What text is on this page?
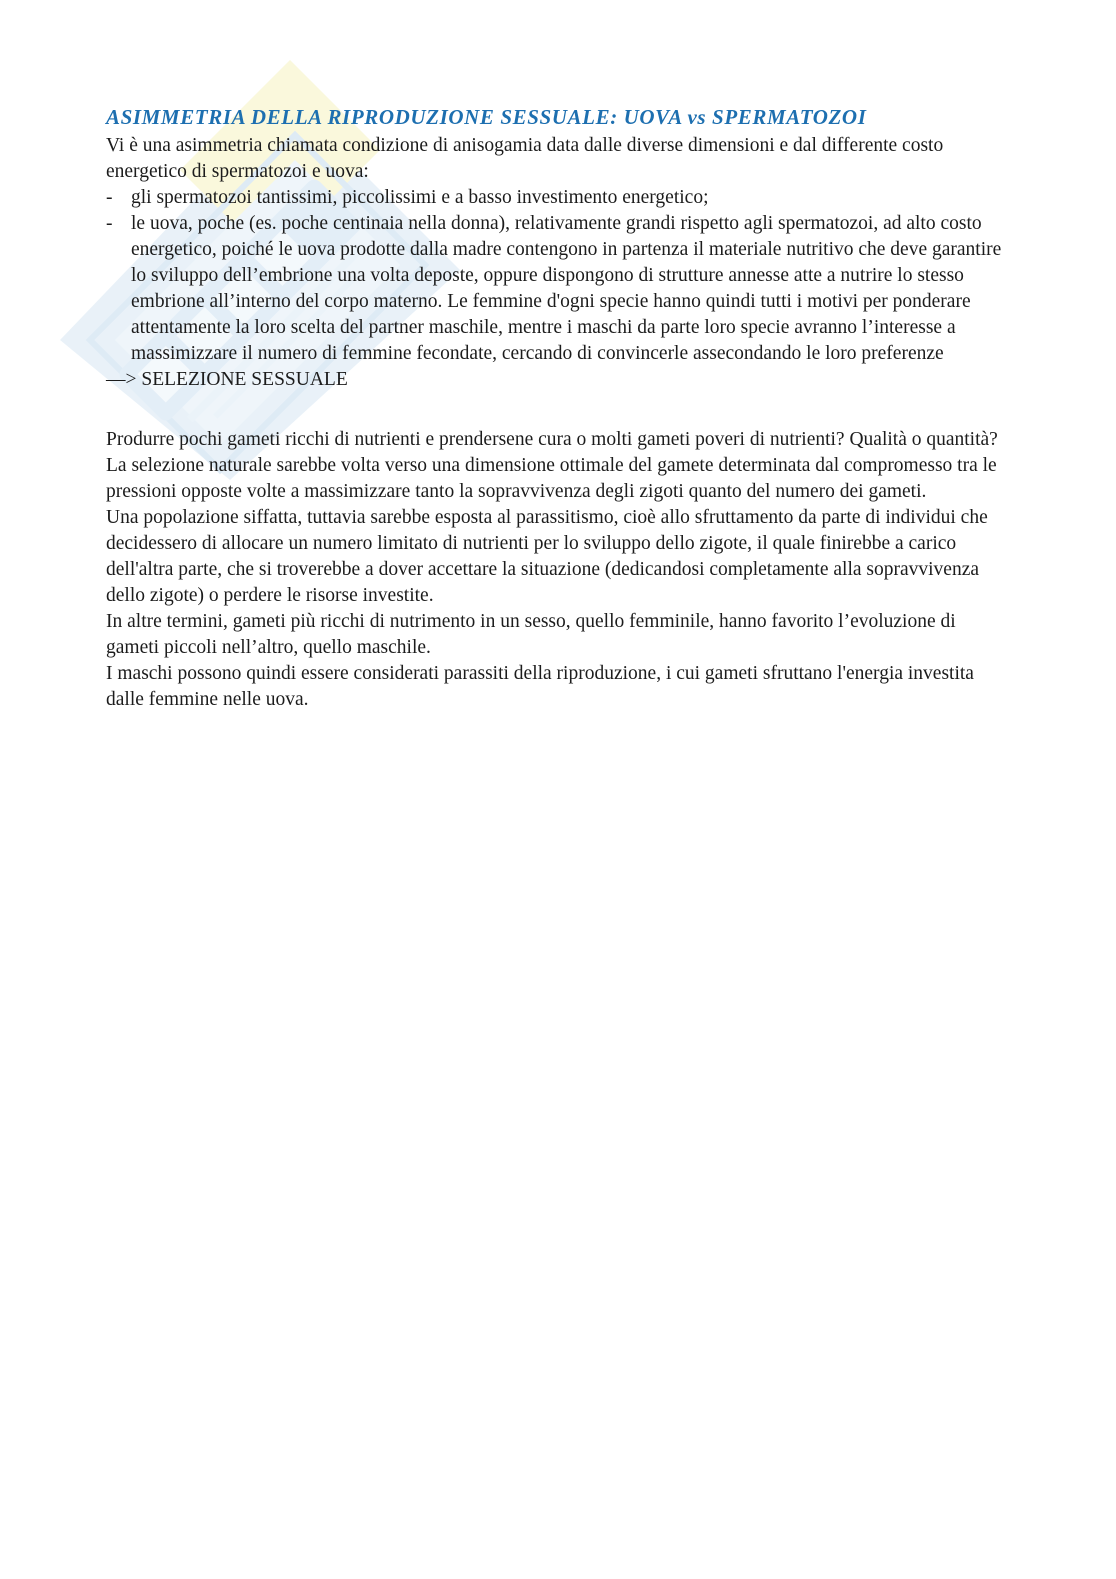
ASIMMETRIA DELLA RIPRODUZIONE SESSUALE: UOVA vs SPERMATOZOI

Vi è una asimmetria chiamata condizione di anisogamia data dalle diverse dimensioni e dal differente costo energetico di spermatozoi e uova:

- gli spermatozoi tantissimi, piccolissimi e a basso investimento energetico;
- le uova, poche (es. poche centinaia nella donna), relativamente grandi rispetto agli spermatozoi, ad alto costo energetico, poiché le uova prodotte dalla madre contengono in partenza il materiale nutritivo che deve garantire lo sviluppo dell’embrione una volta deposte, oppure dispongono di strutture annesse atte a nutrire lo stesso embrione all’interno del corpo materno. Le femmine d'ogni specie hanno quindi tutti i motivi per ponderare attentamente la loro scelta del partner maschile, mentre i maschi da parte loro specie avranno l’interesse a massimizzare il numero di femmine fecondate, cercando di convincerle assecondando le loro preferenze

—> SELEZIONE SESSUALE

Produrre pochi gameti ricchi di nutrienti e prendersene cura o molti gameti poveri di nutrienti? Qualità o quantità?

La selezione naturale sarebbe volta verso una dimensione ottimale del gamete determinata dal compromesso tra le pressioni opposte volte a massimizzare tanto la sopravvivenza degli zigoti quanto del numero dei gameti.

Una popolazione siffatta, tuttavia sarebbe esposta al parassitismo, cioè allo sfruttamento da parte di individui che decidessero di allocare un numero limitato di nutrienti per lo sviluppo dello zigote, il quale finirebbe a carico dell'altra parte, che si troverebbe a dover accettare la situazione (dedicandosi completamente alla sopravvivenza dello zigote) o perdere le risorse investite.

In altre termini, gameti più ricchi di nutrimento in un sesso, quello femminile, hanno favorito l’evoluzione di gameti piccoli nell’altro, quello maschile.

I maschi possono quindi essere considerati parassiti della riproduzione, i cui gameti sfruttano l'energia investita dalle femmine nelle uova.
